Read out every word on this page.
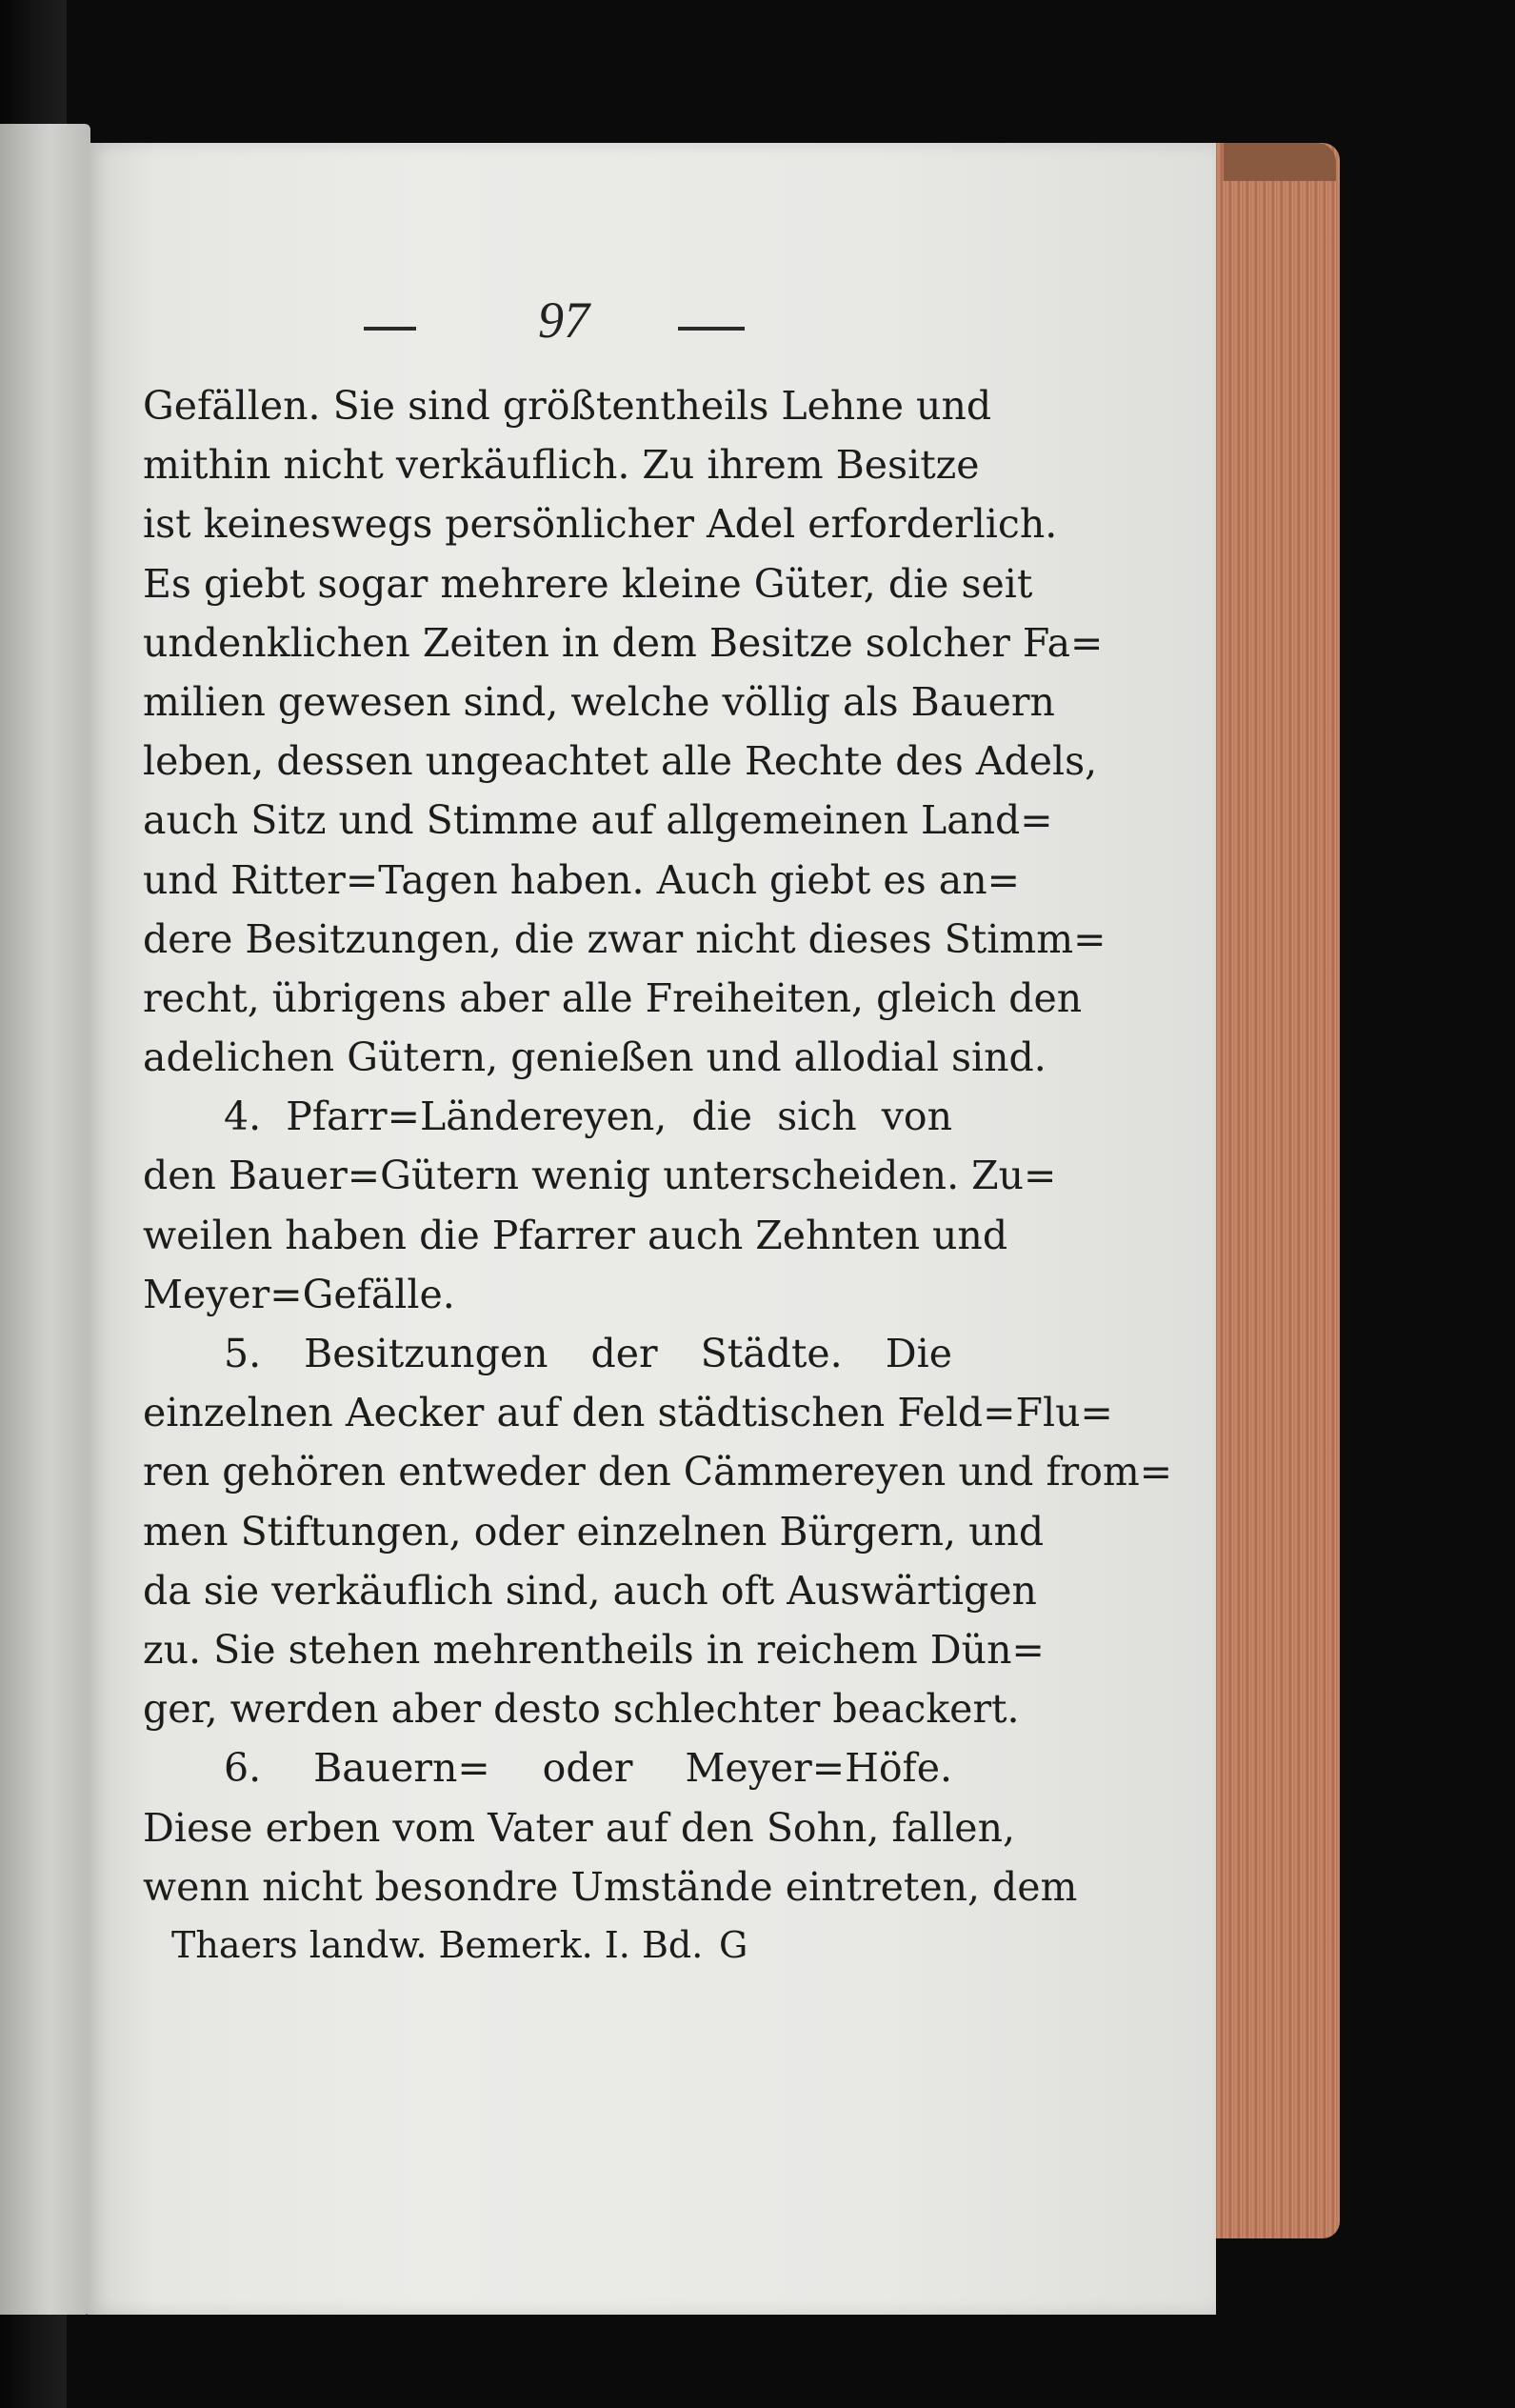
97
Gefällen. Sie sind größtentheils Lehne und
mithin nicht verkäuflich. Zu ihrem Besitze
ist keineswegs persönlicher Adel erforderlich.
Es giebt sogar mehrere kleine Güter, die seit
undenklichen Zeiten in dem Besitze solcher Fa=
milien gewesen sind, welche völlig als Bauern
leben, dessen ungeachtet alle Rechte des Adels,
auch Sitz und Stimme auf allgemeinen Land=
und Ritter=Tagen haben. Auch giebt es an=
dere Besitzungen, die zwar nicht dieses Stimm=
recht, übrigens aber alle Freiheiten, gleich den
adelichen Gütern, genießen und allodial sind.
4. Pfarr=Ländereyen, die sich von
den Bauer=Gütern wenig unterscheiden. Zu=
weilen haben die Pfarrer auch Zehnten und
Meyer=Gefälle.
5. Besitzungen der Städte. Die
einzelnen Aecker auf den städtischen Feld=Flu=
ren gehören entweder den Cämmereyen und from=
men Stiftungen, oder einzelnen Bürgern, und
da sie verkäuflich sind, auch oft Auswärtigen
zu. Sie stehen mehrentheils in reichem Dün=
ger, werden aber desto schlechter beackert.
6. Bauern= oder Meyer=Höfe.
Diese erben vom Vater auf den Sohn, fallen,
wenn nicht besondre Umstände eintreten, dem
Thaers landw. Bemerk. I. Bd. G
